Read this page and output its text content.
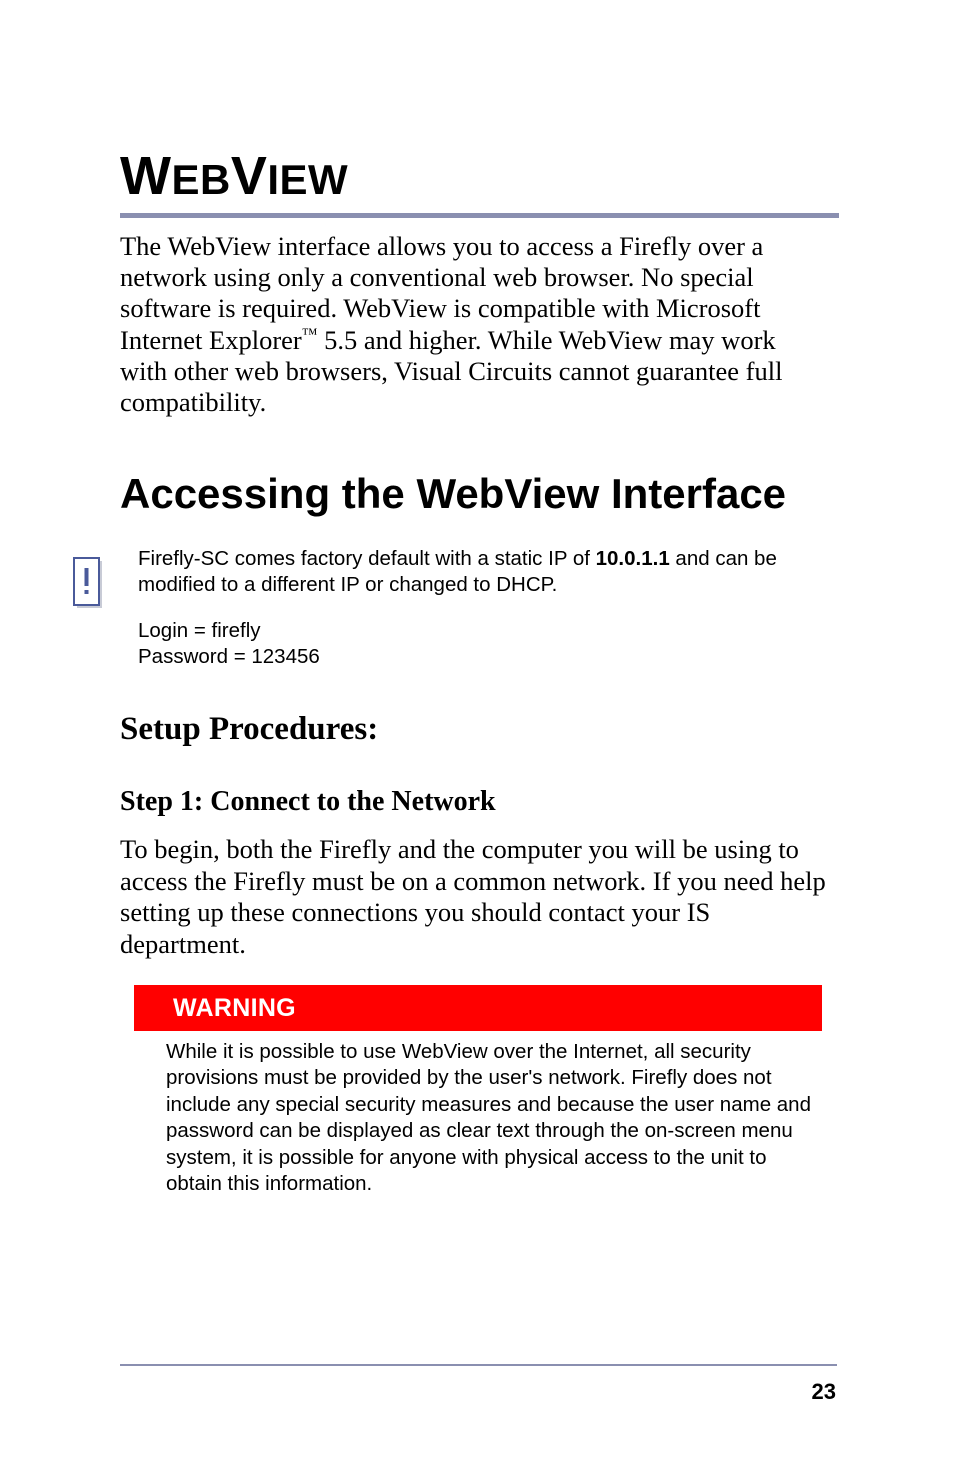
WEBVIEW

The WebView interface allows you to access a Firefly over a network using only a conventional web browser. No special software is required. WebView is compatible with Microsoft Internet Explorer™ 5.5 and higher. While WebView may work with other web browsers, Visual Circuits cannot guarantee full compatibility.

Accessing the WebView Interface

Firefly-SC comes factory default with a static IP of 10.0.1.1 and can be modified to a different IP or changed to DHCP.

Login = firefly
Password = 123456

Setup Procedures:
Step 1: Connect to the Network

To begin, both the Firefly and the computer you will be using to access the Firefly must be on a common network. If you need help setting up these connections you should contact your IS department.

WARNING

While it is possible to use WebView over the Internet, all security provisions must be provided by the user's network. Firefly does not include any special security measures and because the user name and password can be displayed as clear text through the on-screen menu system, it is possible for anyone with physical access to the unit to obtain this information.

23
